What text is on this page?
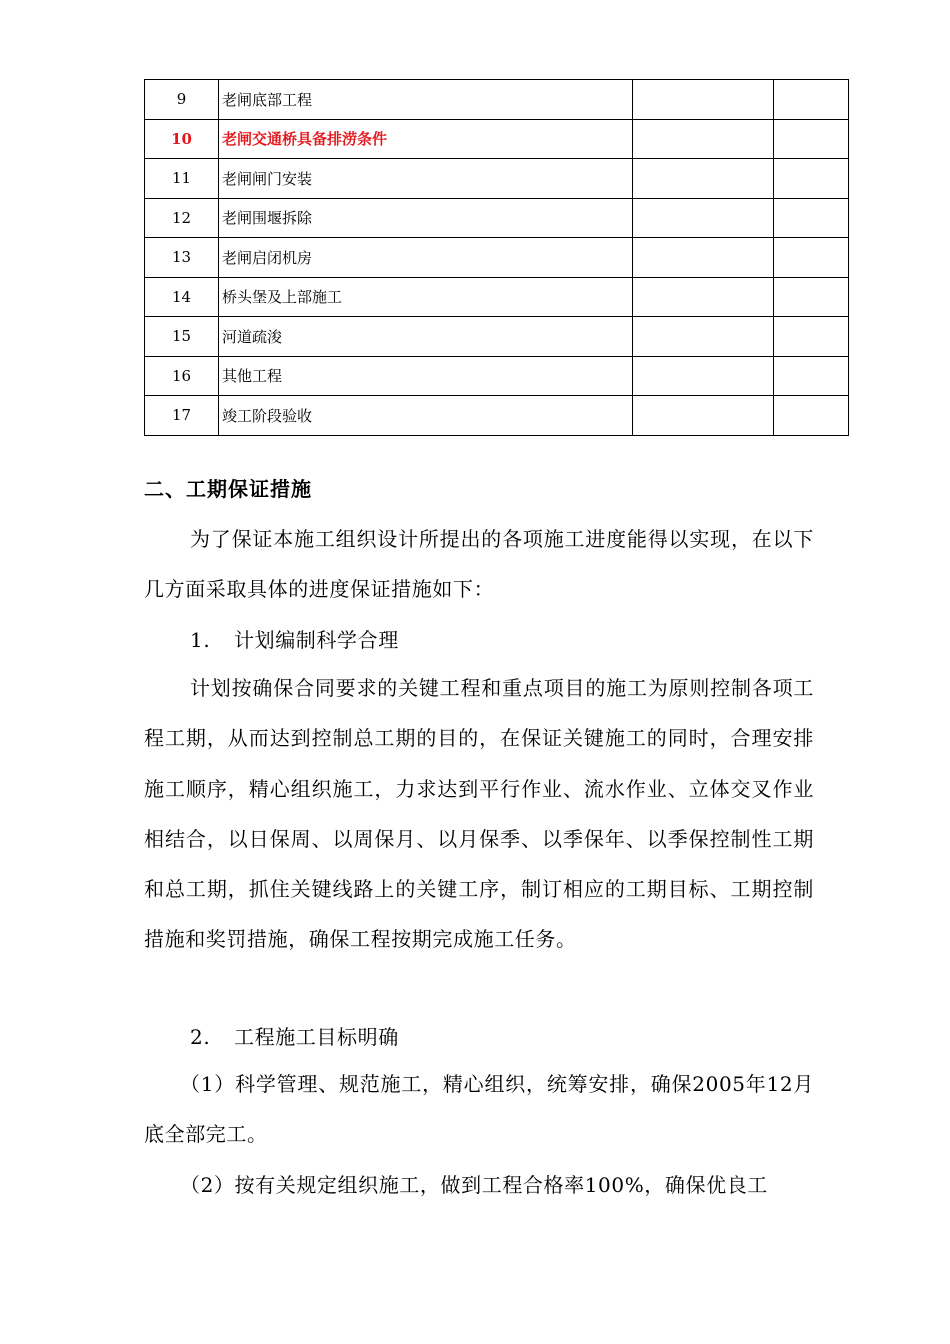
9	老闸底部工程		
10	老闸交通桥具备排涝条件		
11	老闸闸门安装		
12	老闸围堰拆除		
13	老闸启闭机房		
14	桥头堡及上部施工		
15	河道疏浚		
16	其他工程		
17	竣工阶段验收		
二、工期保证措施
为了保证本施工组织设计所提出的各项施工进度能得以实现，在以下几方面采取具体的进度保证措施如下：
1. 计划编制科学合理
计划按确保合同要求的关键工程和重点项目的施工为原则控制各项工程工期，从而达到控制总工期的目的，在保证关键施工的同时，合理安排施工顺序，精心组织施工，力求达到平行作业、流水作业、立体交叉作业相结合，以日保周、以周保月、以月保季、以季保年、以季保控制性工期和总工期，抓住关键线路上的关键工序，制订相应的工期目标、工期控制措施和奖罚措施，确保工程按期完成施工任务。
2. 工程施工目标明确
（1）科学管理、规范施工，精心组织，统筹安排，确保2005年12月底全部完工。
（2）按有关规定组织施工，做到工程合格率100%，确保优良工
